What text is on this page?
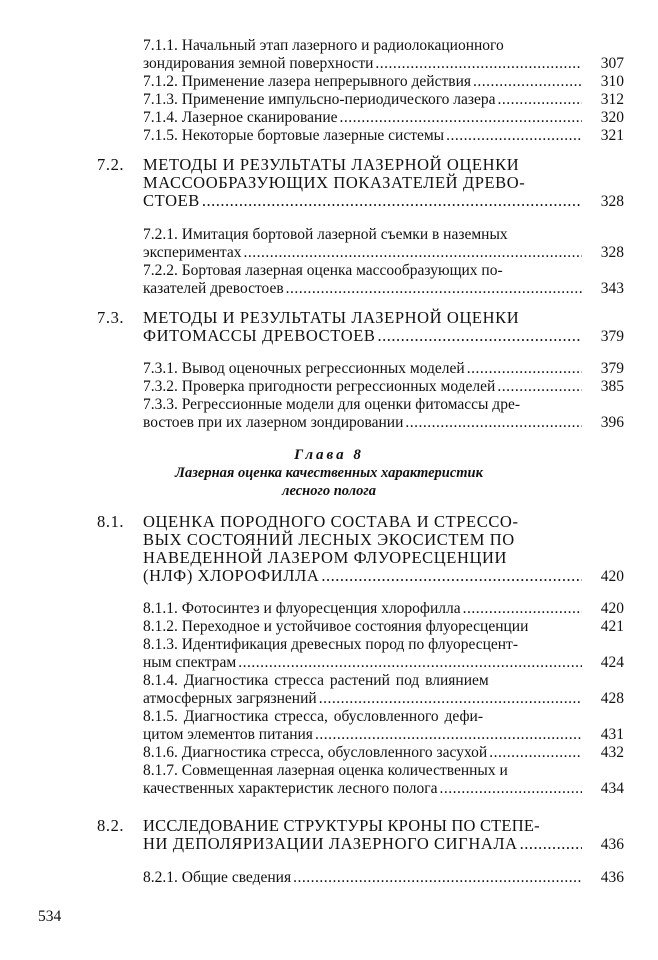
7.1.1. Начальный этап лазерного и радиолокационного
зондирования земной поверхности .....	307
7.1.2. Применение лазера непрерывного действия .....	310
7.1.3. Применение импульсно-периодического лазера .....	312
7.1.4. Лазерное сканирование .....	320
7.1.5. Некоторые бортовые лазерные системы .....	321
7.2. МЕТОДЫ И РЕЗУЛЬТАТЫ ЛАЗЕРНОЙ ОЦЕНКИ
МАССООБРАЗУЮЩИХ ПОКАЗАТЕЛЕЙ ДРЕВО-
СТОЕВ .....	328
7.2.1. Имитация бортовой лазерной съемки в наземных
экспериментах .....	328
7.2.2. Бортовая лазерная оценка массообразующих по-
казателей древостоев .....	343
7.3. МЕТОДЫ И РЕЗУЛЬТАТЫ ЛАЗЕРНОЙ ОЦЕНКИ
ФИТОМАССЫ ДРЕВОСТОЕВ .....	379
7.3.1. Вывод оценочных регрессионных моделей .....	379
7.3.2. Проверка пригодности регрессионных моделей .....	385
7.3.3. Регрессионные модели для оценки фитомассы дре-
востоев при их лазерном зондировании .....	396
Глава 8
Лазерная оценка качественных характеристик
лесного полога
8.1. ОЦЕНКА ПОРОДНОГО СОСТАВА И СТРЕССО-
ВЫХ СОСТОЯНИЙ ЛЕСНЫХ ЭКОСИСТЕМ ПО
НАВЕДЕННОЙ ЛАЗЕРОМ ФЛУОРЕСЦЕНЦИИ
(НЛФ) ХЛОРОФИЛЛА .....	420
8.1.1. Фотосинтез и флуоресценция хлорофилла .....	420
8.1.2. Переходное и устойчивое состояния флуоресценции	421
8.1.3. Идентификация древесных пород по флуоресцент-
ным спектрам .....	424
8.1.4. Диагностика стресса растений под влиянием
атмосферных загрязнений .....	428
8.1.5. Диагностика стресса, обусловленного дефи-
цитом элементов питания .....	431
8.1.6. Диагностика стресса, обусловленного засухой .....	432
8.1.7. Совмещенная лазерная оценка количественных и
качественных характеристик лесного полога .....	434
8.2. ИССЛЕДОВАНИЕ СТРУКТУРЫ КРОНЫ ПО СТЕПЕ-
НИ ДЕПОЛЯРИЗАЦИИ ЛАЗЕРНОГО СИГНАЛА .....	436
8.2.1. Общие сведения .....	436
534
